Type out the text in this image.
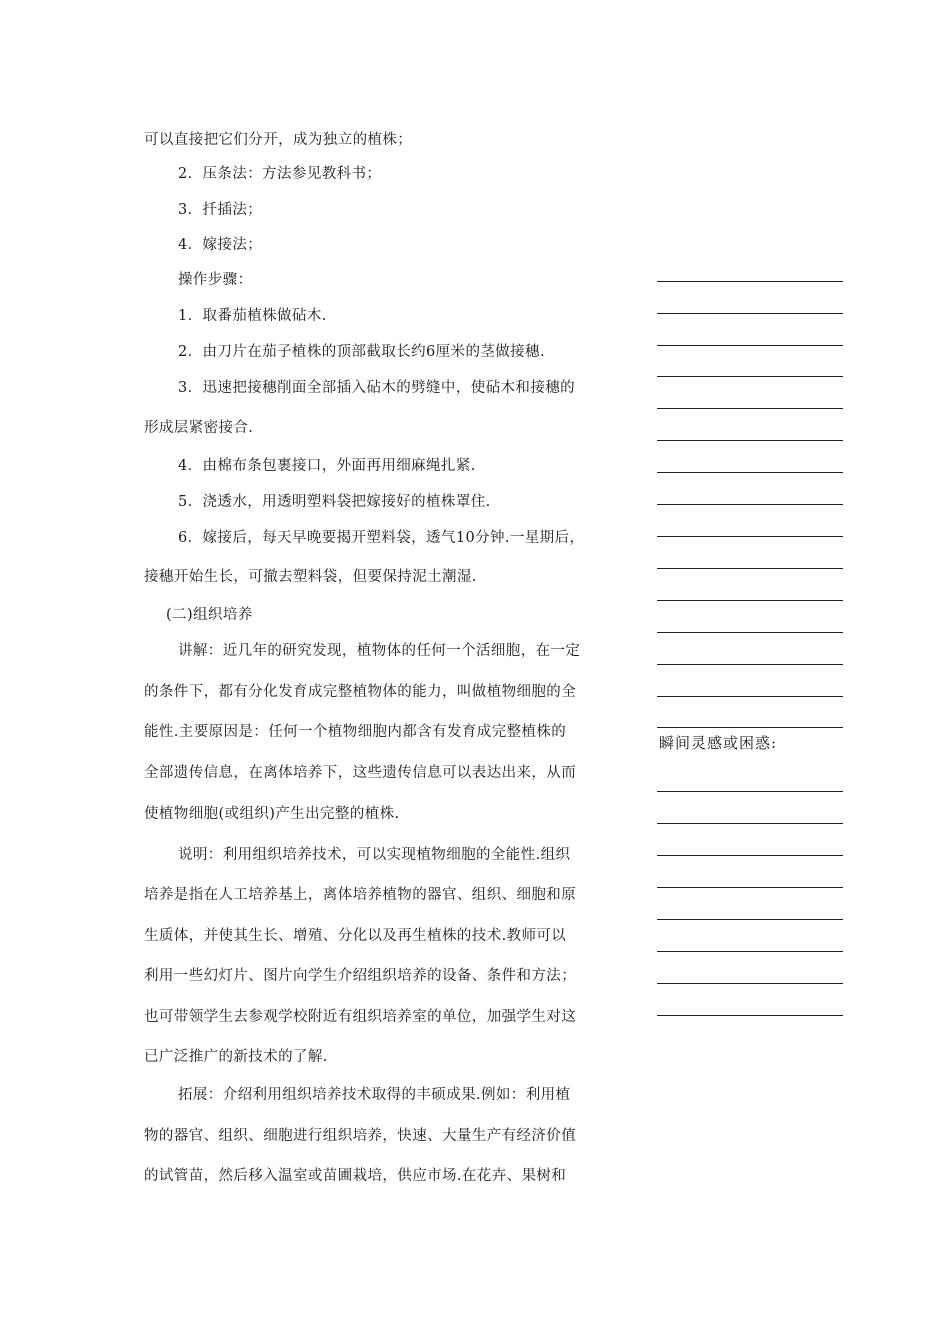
可以直接把它们分开，成为独立的植株；
2．压条法：方法参见教科书；
3．扦插法；
4．嫁接法；
操作步骤：
1．取番茄植株做砧木.
2．由刀片在茄子植株的顶部截取长约6厘米的茎做接穗.
3．迅速把接穗削面全部插入砧木的劈缝中，使砧木和接穗的
形成层紧密接合.
4．由棉布条包裹接口，外面再用细麻绳扎紧.
5．浇透水，用透明塑料袋把嫁接好的植株罩住.
6．嫁接后，每天早晚要揭开塑料袋，透气10分钟.一星期后，
接穗开始生长，可撤去塑料袋，但要保持泥土潮湿.
(二)组织培养
讲解：近几年的研究发现，植物体的任何一个活细胞，在一定
的条件下，都有分化发育成完整植物体的能力，叫做植物细胞的全
能性.主要原因是：任何一个植物细胞内都含有发育成完整植株的
全部遗传信息，在离体培养下，这些遗传信息可以表达出来，从而
使植物细胞(或组织)产生出完整的植株.
说明：利用组织培养技术，可以实现植物细胞的全能性.组织
培养是指在人工培养基上，离体培养植物的器官、组织、细胞和原
生质体，并使其生长、增殖、分化以及再生植株的技术.教师可以
利用一些幻灯片、图片向学生介绍组织培养的设备、条件和方法；
也可带领学生去参观学校附近有组织培养室的单位，加强学生对这
已广泛推广的新技术的了解.
拓展：介绍利用组织培养技术取得的丰硕成果.例如：利用植
物的器官、组织、细胞进行组织培养，快速、大量生产有经济价值
的试管苗，然后移入温室或苗圃栽培，供应市场.在花卉、果树和
瞬间灵感或困惑:
